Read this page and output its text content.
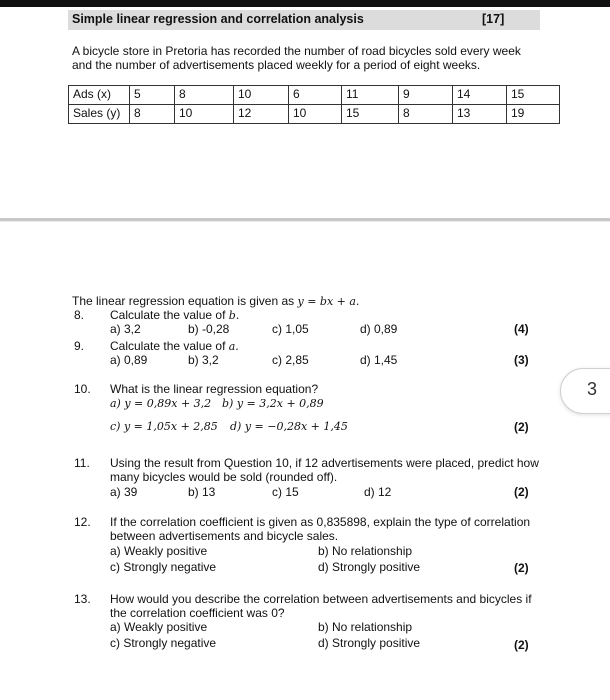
Simple linear regression and correlation analysis	[17]
A bicycle store in Pretoria has recorded the number of road bicycles sold every week and the number of advertisements placed weekly for a period of eight weeks.
Ads (x)	5	8	10	6	11	9	14	15
Sales (y)	8	10	12	10	15	8	13	19
The linear regression equation is given as y = bx + a.
8. Calculate the value of b.
a) 3,2	b) -0,28	c) 1,05	d) 0,89	(4)
9. Calculate the value of a.
a) 0,89	b) 3,2	c) 2,85	d) 1,45	(3)
10. What is the linear regression equation?
a) y = 0,89x + 3,2 b) y = 3,2x + 0,89
c) y = 1,05x + 2,85 d) y = −0,28x + 1,45	(2)
11. Using the result from Question 10, if 12 advertisements were placed, predict how many bicycles would be sold (rounded off).
a) 39	b) 13	c) 15	d) 12	(2)
12. If the correlation coefficient is given as 0,835898, explain the type of correlation between advertisements and bicycle sales.
a) Weakly positive	b) No relationship
c) Strongly negative	d) Strongly positive	(2)
13. How would you describe the correlation between advertisements and bicycles if the correlation coefficient was 0?
a) Weakly positive	b) No relationship
c) Strongly negative	d) Strongly positive	(2)
3
